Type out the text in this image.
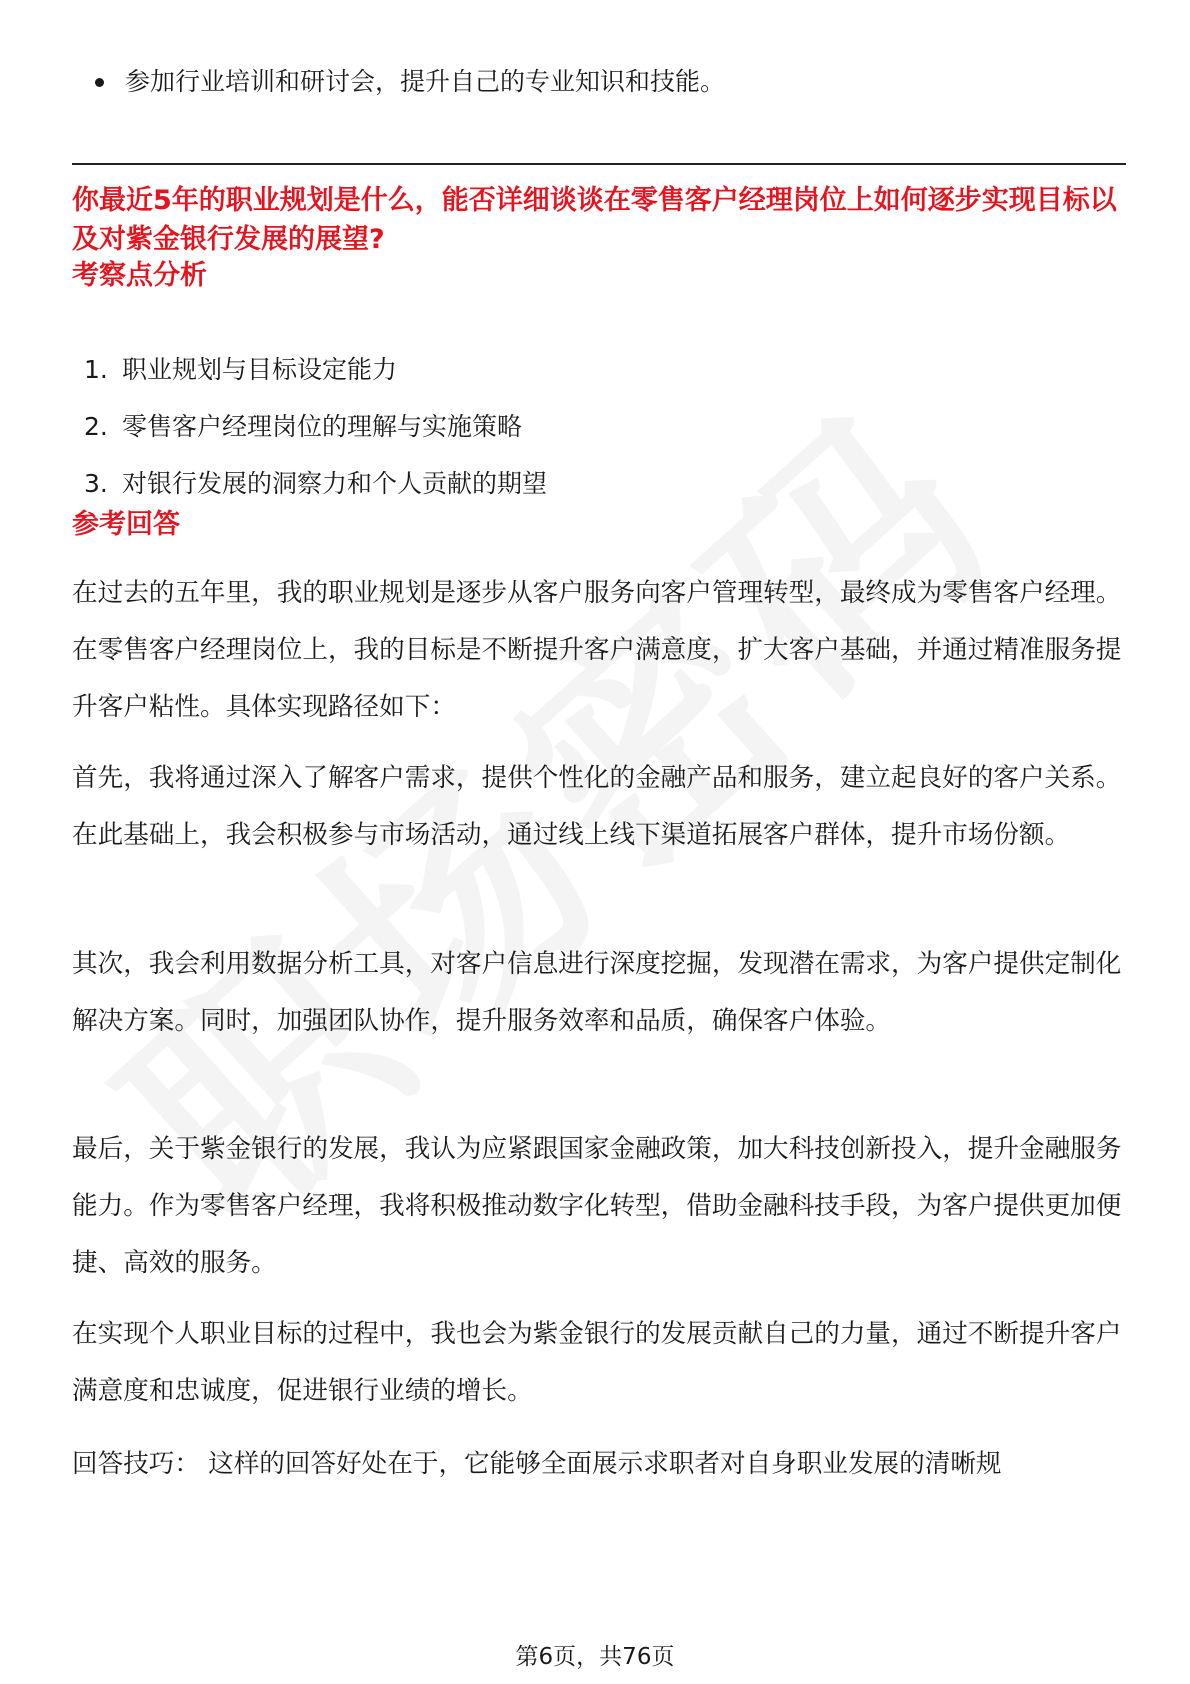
参加行业培训和研讨会，提升自己的专业知识和技能。
你最近5年的职业规划是什么，能否详细谈谈在零售客户经理岗位上如何逐步实现目标以及对紫金银行发展的展望?
考察点分析
1. 职业规划与目标设定能力
2. 零售客户经理岗位的理解与实施策略
3. 对银行发展的洞察力和个人贡献的期望
参考回答

在过去的五年里，我的职业规划是逐步从客户服务向客户管理转型，最终成为零售客户经理。在零售客户经理岗位上，我的目标是不断提升客户满意度，扩大客户基础，并通过精准服务提升客户粘性。具体实现路径如下：

首先，我将通过深入了解客户需求，提供个性化的金融产品和服务，建立起良好的客户关系。在此基础上，我会积极参与市场活动，通过线上线下渠道拓展客户群体，提升市场份额。

其次，我会利用数据分析工具，对客户信息进行深度挖掘，发现潜在需求，为客户提供定制化解决方案。同时，加强团队协作，提升服务效率和品质，确保客户体验。

最后，关于紫金银行的发展，我认为应紧跟国家金融政策，加大科技创新投入，提升金融服务能力。作为零售客户经理，我将积极推动数字化转型，借助金融科技手段，为客户提供更加便捷、高效的服务。

在实现个人职业目标的过程中，我也会为紫金银行的发展贡献自己的力量，通过不断提升客户满意度和忠诚度，促进银行业绩的增长。

回答技巧： 这样的回答好处在于，它能够全面展示求职者对自身职业发展的清晰规

第6页，共76页
